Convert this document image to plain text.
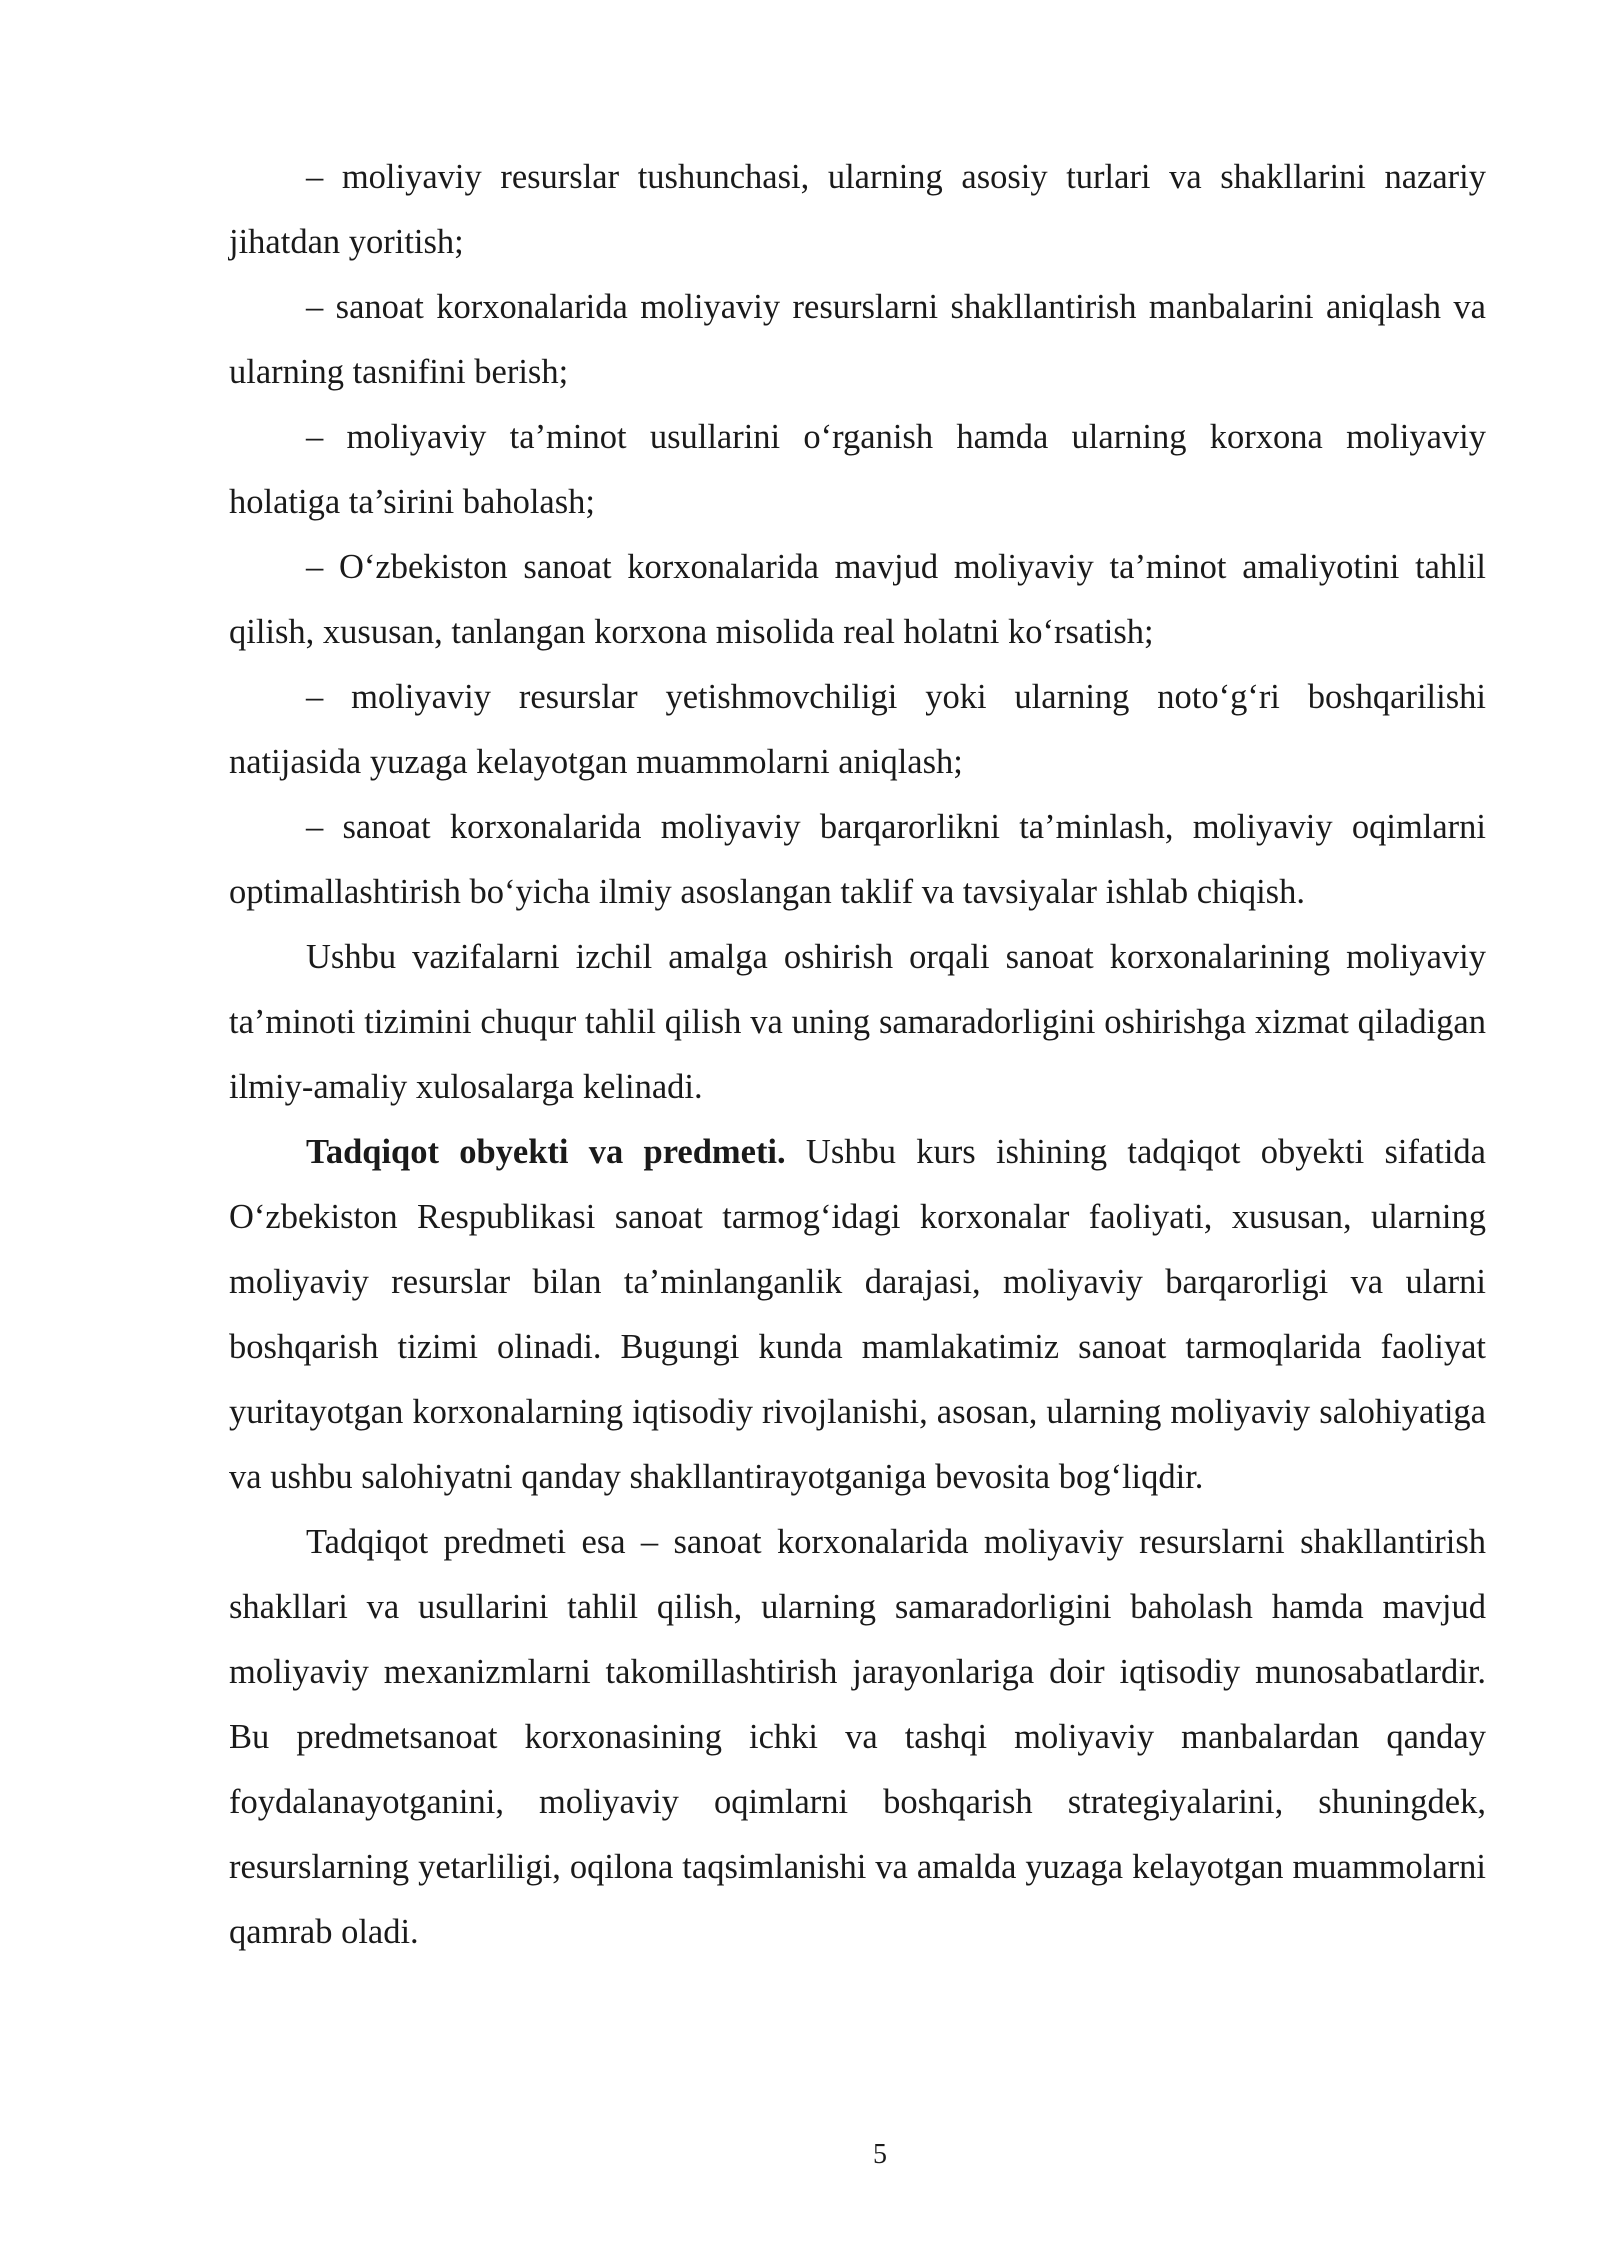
– moliyaviy resurslar tushunchasi, ularning asosiy turlari va shakllarini nazariy jihatdan yoritish;

– sanoat korxonalarida moliyaviy resurslarni shakllantirish manbalarini aniqlash va ularning tasnifini berish;

– moliyaviy ta’minot usullarini o‘rganish hamda ularning korxona moliyaviy holatiga ta’sirini baholash;

– O‘zbekiston sanoat korxonalarida mavjud moliyaviy ta’minot amaliyotini tahlil qilish, xususan, tanlangan korxona misolida real holatni ko‘rsatish;

– moliyaviy resurslar yetishmovchiligi yoki ularning noto‘g‘ri boshqarilishi natijasida yuzaga kelayotgan muammolarni aniqlash;

– sanoat korxonalarida moliyaviy barqarorlikni ta’minlash, moliyaviy oqimlarni optimallashtirish bo‘yicha ilmiy asoslangan taklif va tavsiyalar ishlab chiqish.

Ushbu vazifalarni izchil amalga oshirish orqali sanoat korxonalarining moliyaviy ta’minoti tizimini chuqur tahlil qilish va uning samaradorligini oshirishga xizmat qiladigan ilmiy-amaliy xulosalarga kelinadi.

Tadqiqot obyekti va predmeti. Ushbu kurs ishining tadqiqot obyekti sifatida O‘zbekiston Respublikasi sanoat tarmog‘idagi korxonalar faoliyati, xususan, ularning moliyaviy resurslar bilan ta’minlanganlik darajasi, moliyaviy barqarorligi va ularni boshqarish tizimi olinadi. Bugungi kunda mamlakatimiz sanoat tarmoqlarida faoliyat yuritayotgan korxonalarning iqtisodiy rivojlanishi, asosan, ularning moliyaviy salohiyatiga va ushbu salohiyatni qanday shakllantirayotganiga bevosita bog‘liqdir.

Tadqiqot predmeti esa – sanoat korxonalarida moliyaviy resurslarni shakllantirish shakllari va usullarini tahlil qilish, ularning samaradorligini baholash hamda mavjud moliyaviy mexanizmlarni takomillashtirish jarayonlariga doir iqtisodiy munosabatlardir. Bu predmetsanoat korxonasining ichki va tashqi moliyaviy manbalardan qanday foydalanayotganini, moliyaviy oqimlarni boshqarish strategiyalarini, shuningdek, resurslarning yetarliligi, oqilona taqsimlanishi va amalda yuzaga kelayotgan muammolarni qamrab oladi.

5
